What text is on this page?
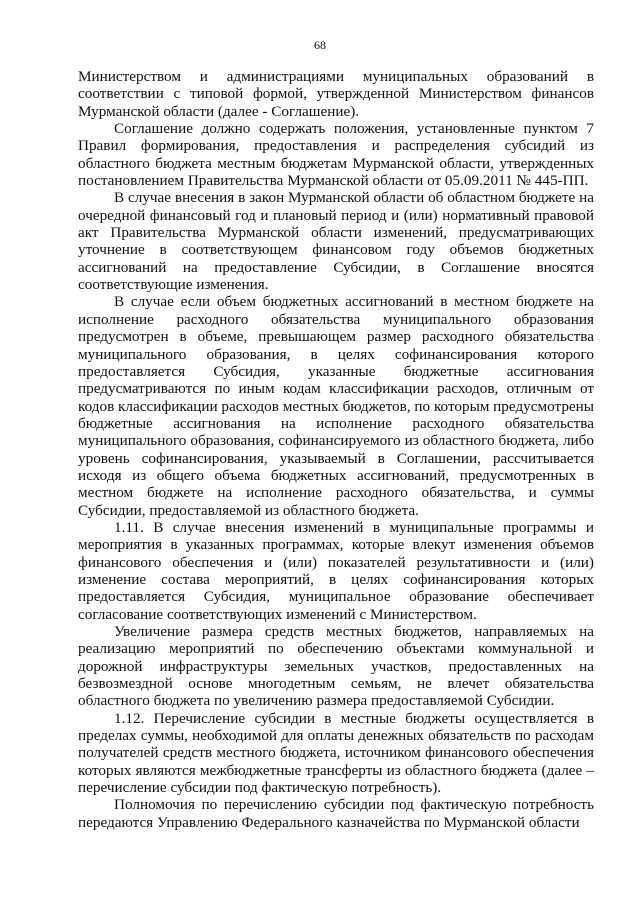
68

Министерством и администрациями муниципальных образований в соответствии с типовой формой, утвержденной Министерством финансов Мурманской области (далее - Соглашение).

Соглашение должно содержать положения, установленные пунктом 7 Правил формирования, предоставления и распределения субсидий из областного бюджета местным бюджетам Мурманской области, утвержденных постановлением Правительства Мурманской области от 05.09.2011 № 445-ПП.

В случае внесения в закон Мурманской области об областном бюджете на очередной финансовый год и плановый период и (или) нормативный правовой акт Правительства Мурманской области изменений, предусматривающих уточнение в соответствующем финансовом году объемов бюджетных ассигнований на предоставление Субсидии, в Соглашение вносятся соответствующие изменения.

В случае если объем бюджетных ассигнований в местном бюджете на исполнение расходного обязательства муниципального образования предусмотрен в объеме, превышающем размер расходного обязательства муниципального образования, в целях софинансирования которого предоставляется Субсидия, указанные бюджетные ассигнования предусматриваются по иным кодам классификации расходов, отличным от кодов классификации расходов местных бюджетов, по которым предусмотрены бюджетные ассигнования на исполнение расходного обязательства муниципального образования, софинансируемого из областного бюджета, либо уровень софинансирования, указываемый в Соглашении, рассчитывается исходя из общего объема бюджетных ассигнований, предусмотренных в местном бюджете на исполнение расходного обязательства, и суммы Субсидии, предоставляемой из областного бюджета.

1.11. В случае внесения изменений в муниципальные программы и мероприятия в указанных программах, которые влекут изменения объемов финансового обеспечения и (или) показателей результативности и (или) изменение состава мероприятий, в целях софинансирования которых предоставляется Субсидия, муниципальное образование обеспечивает согласование соответствующих изменений с Министерством.

Увеличение размера средств местных бюджетов, направляемых на реализацию мероприятий по обеспечению объектами коммунальной и дорожной инфраструктуры земельных участков, предоставленных на безвозмездной основе многодетным семьям, не влечет обязательства областного бюджета по увеличению размера предоставляемой Субсидии.

1.12. Перечисление субсидии в местные бюджеты осуществляется в пределах суммы, необходимой для оплаты денежных обязательств по расходам получателей средств местного бюджета, источником финансового обеспечения которых являются межбюджетные трансферты из областного бюджета (далее – перечисление субсидии под фактическую потребность).

Полномочия по перечислению субсидии под фактическую потребность передаются Управлению Федерального казначейства по Мурманской области
